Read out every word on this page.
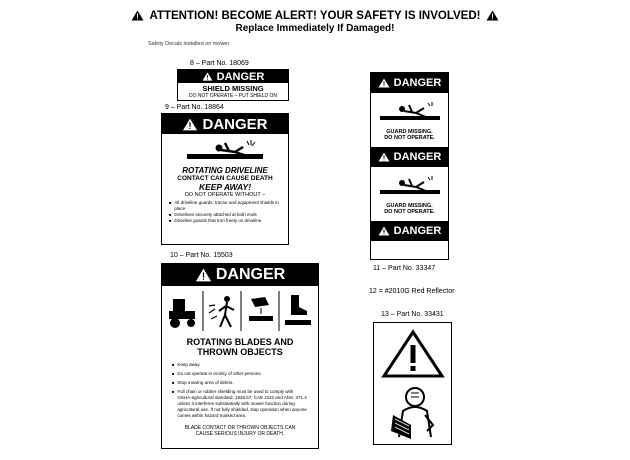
ATTENTION! BECOME ALERT! YOUR SAFETY IS INVOLVED!
Replace Immediately If Damaged!
Safety Decals installed on mower
8 – Part No. 18069
DANGER
SHIELD MISSING
DO NOT OPERATE – PUT SHIELD ON
9 – Part No. 18864
DANGER
ROTATING DRIVELINE
CONTACT CAN CAUSE DEATH
KEEP AWAY!
DO NOT OPERATE WITHOUT –
■ All driveline guards, tractor and equipment shields in place
■ Drivelines securely attached at both ends
■ Driveline guards that turn freely on driveline
10 – Part No. 15503
DANGER
ROTATING BLADES AND
THROWN OBJECTS
■ Keep away.
■ Do not operate in vicinity of other persons.
■ Stop mowing area of debris.
■ Full chain or rubber shielding must be used to comply with OSHA-agricultural standard. 1928.57, CAE J232 and ANS. 371.4 unless it interferes substantially with mower function during agricultural use. If not fully shielded, stop operation when anyone comes within hazard marked area.
BLADE CONTACT OR THROWN OBJECTS CAN
CAUSE SERIOUS INJURY OR DEATH.
DANGER
GUARD MISSING.
DO NOT OPERATE.
DANGER
GUARD MISSING.
DO NOT OPERATE.
DANGER
11 – Part No. 33347
12 = #2010G Red Reflector
13 – Part No. 33431
